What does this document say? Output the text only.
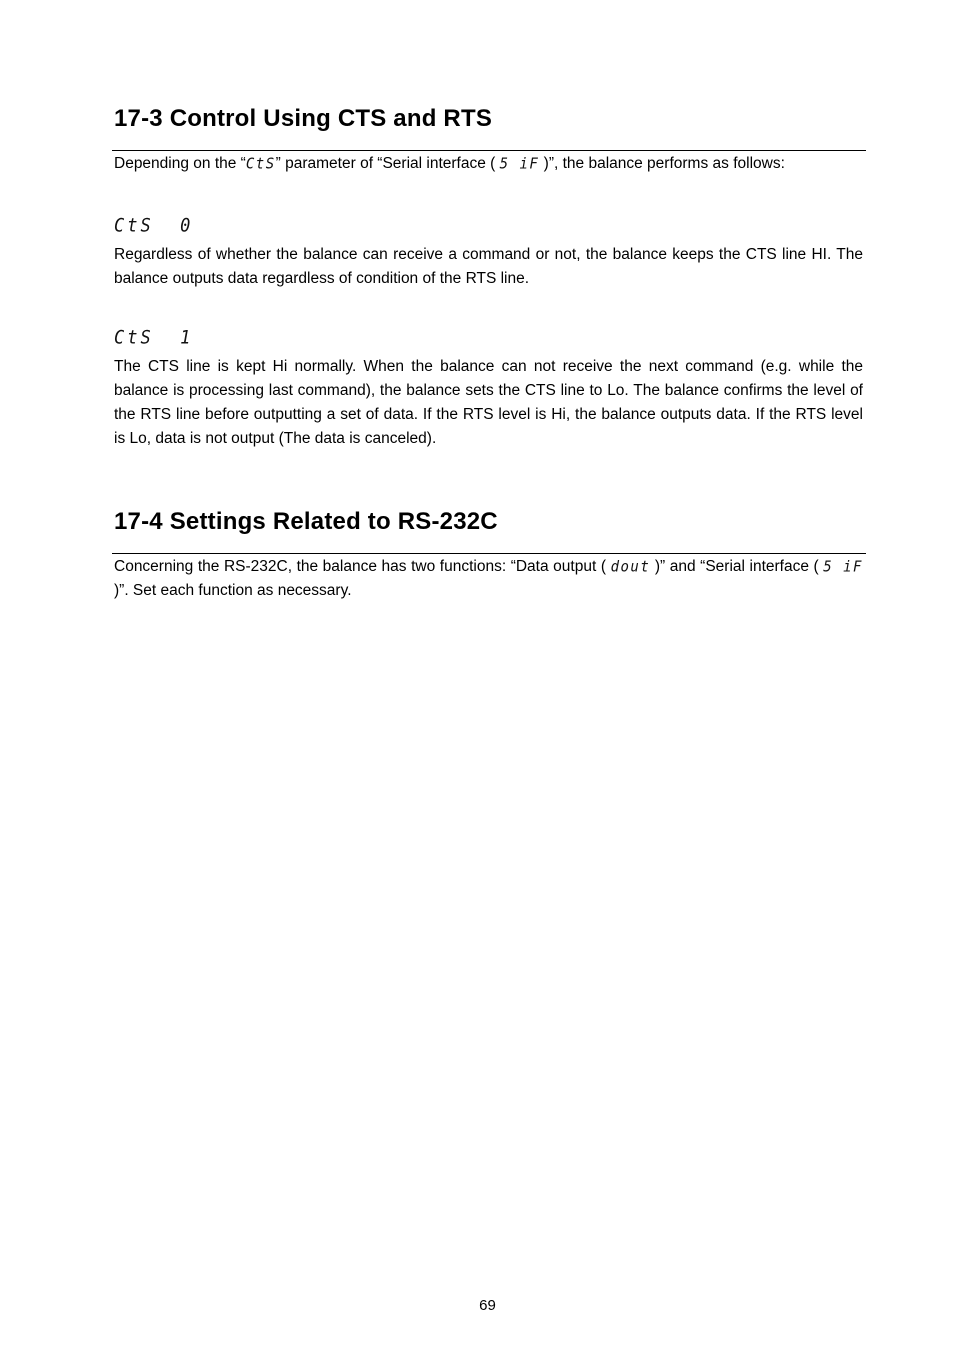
17-3 Control Using CTS and RTS

Depending on the “CtS” parameter of “Serial interface ( 5 iF )”, the balance performs as follows:

CtS  0

Regardless of whether the balance can receive a command or not, the balance keeps the CTS line HI. The balance outputs data regardless of condition of the RTS line.

CtS  1

The CTS line is kept Hi normally. When the balance can not receive the next command (e.g. while the balance is processing last command), the balance sets the CTS line to Lo. The balance confirms the level of the RTS line before outputting a set of data. If the RTS level is Hi, the balance outputs data. If the RTS level is Lo, data is not output (The data is canceled).

17-4 Settings Related to RS-232C

Concerning the RS-232C, the balance has two functions: “Data output ( dout )” and “Serial interface ( 5 iF )”. Set each function as necessary.

69
